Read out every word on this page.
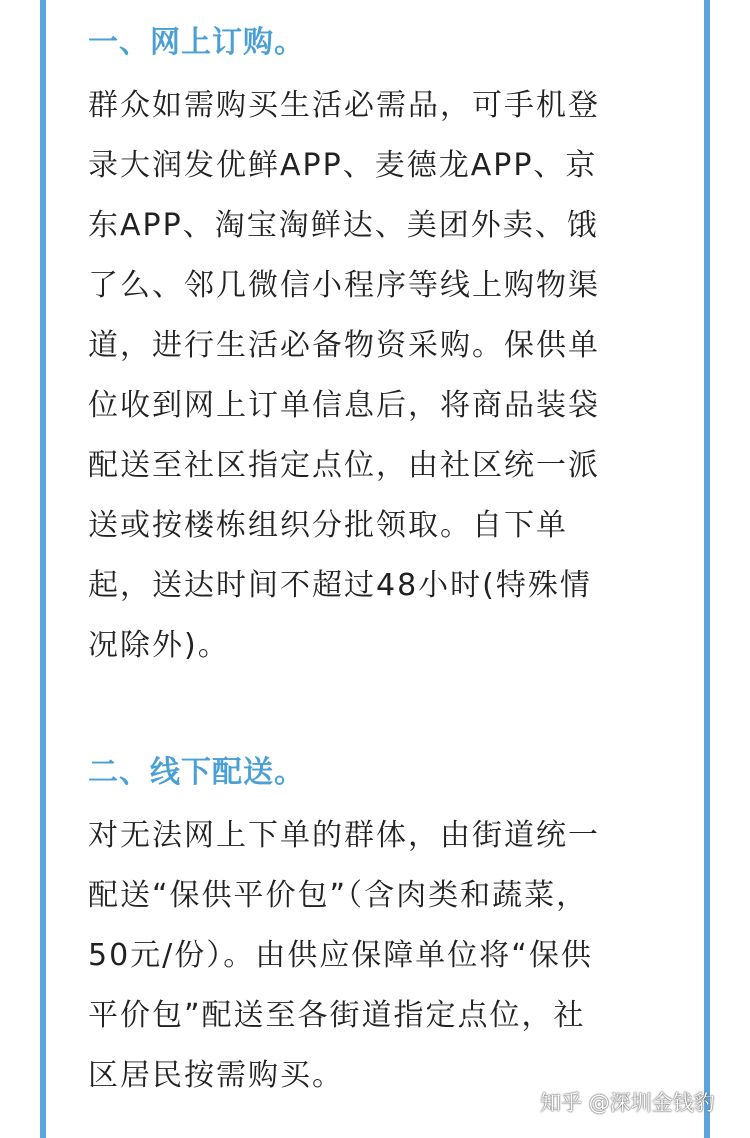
一、网上订购。
群众如需购买生活必需品，可手机登
录大润发优鲜APP、麦德龙APP、京
东APP、淘宝淘鲜达、美团外卖、饿
了么、邻几微信小程序等线上购物渠
道，进行生活必备物资采购。保供单
位收到网上订单信息后，将商品装袋
配送至社区指定点位，由社区统一派
送或按楼栋组织分批领取。自下单
起，送达时间不超过48小时(特殊情
况除外)。
二、线下配送。
对无法网上下单的群体，由街道统一
配送“保供平价包”（含肉类和蔬菜，
50元/份）。由供应保障单位将“保供
平价包”配送至各街道指定点位，社
区居民按需购买。
知乎 @深圳金钱豹
